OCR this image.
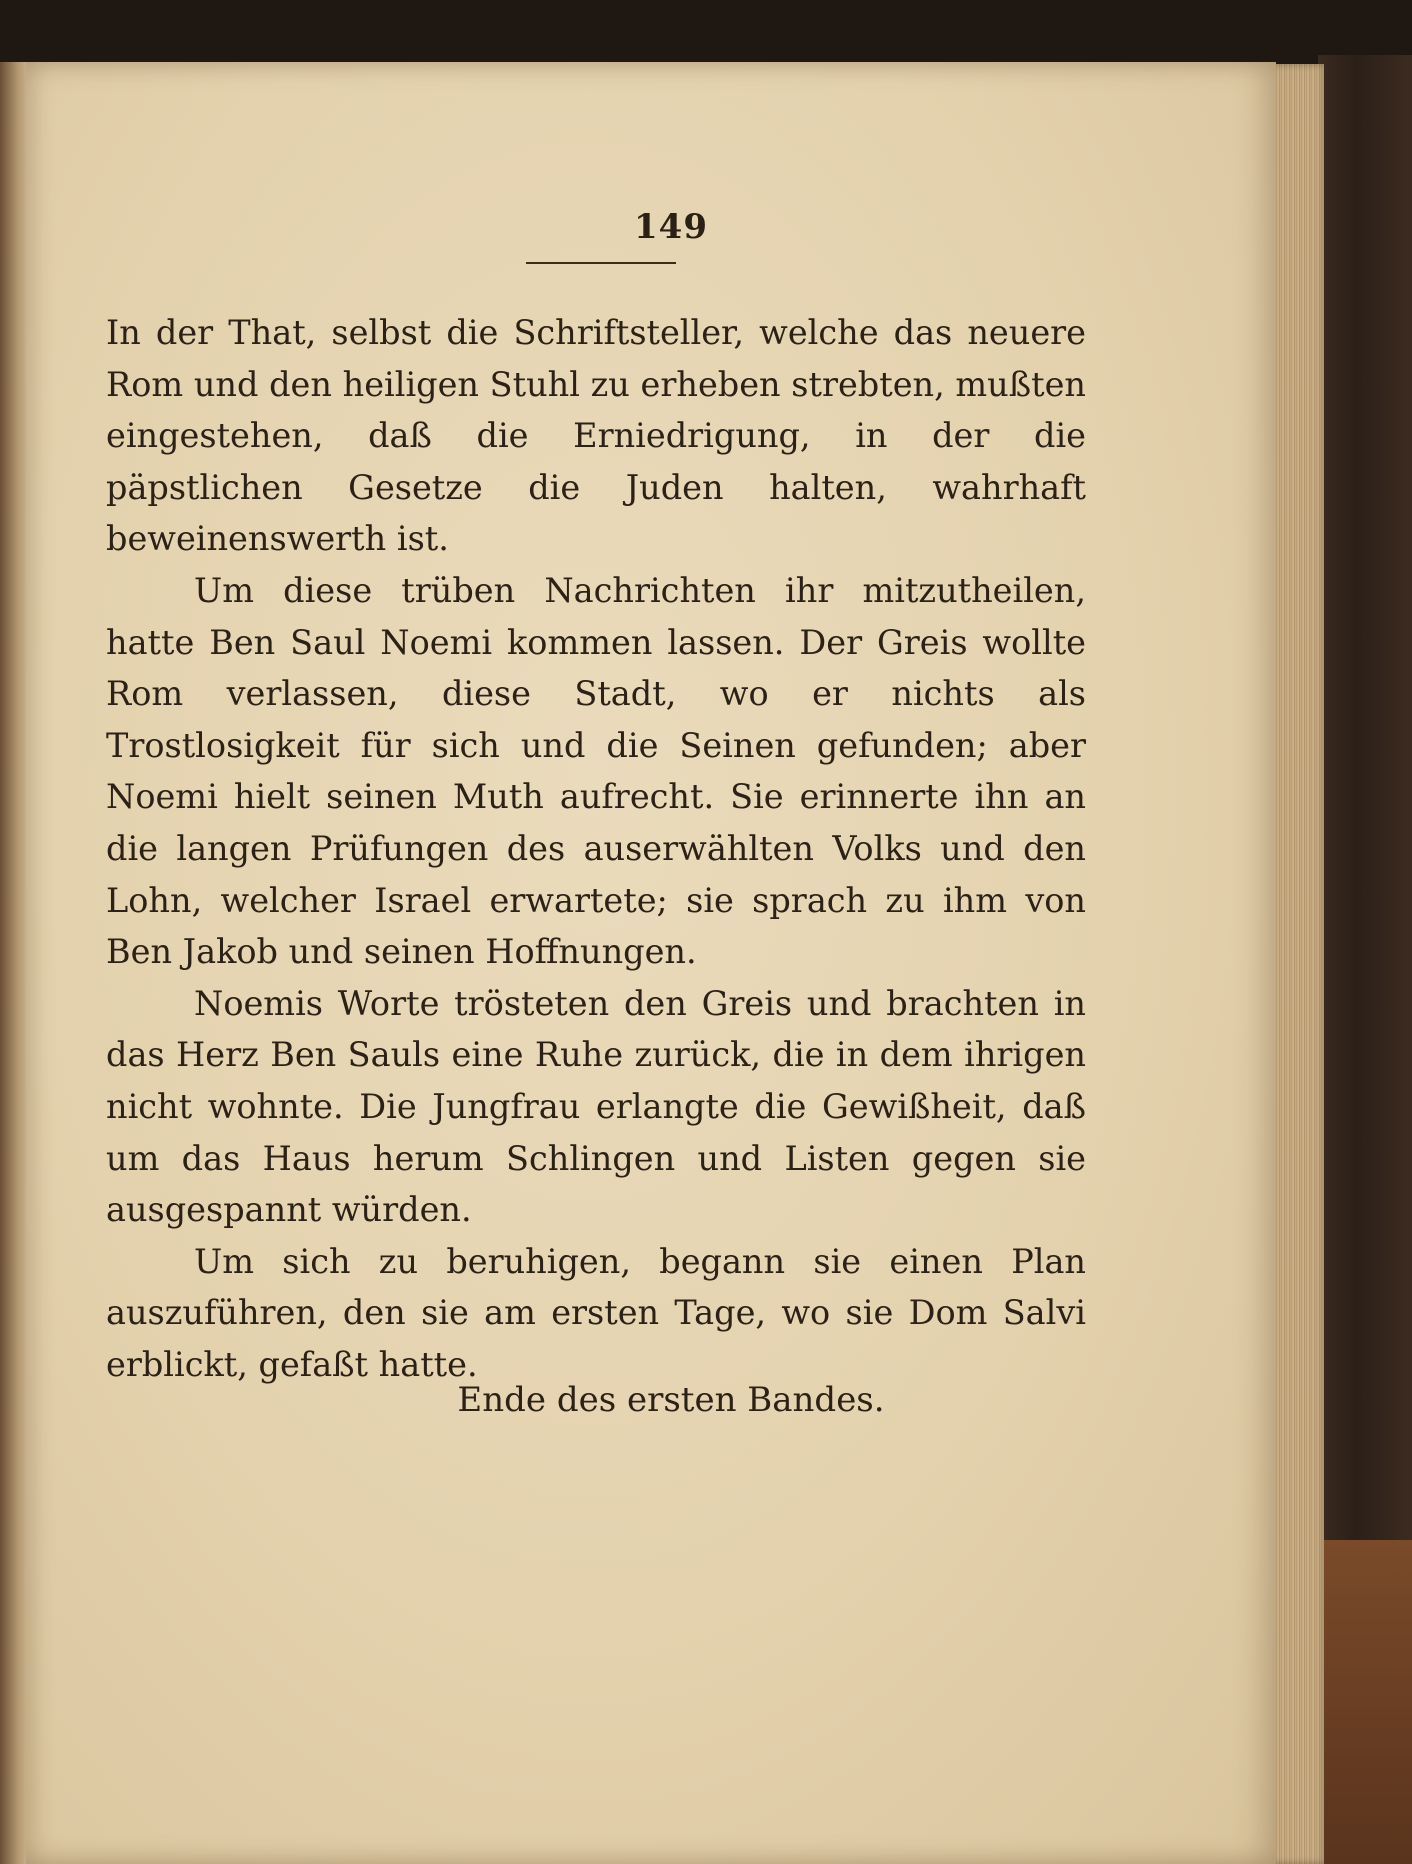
149

In der That, selbst die Schriftsteller, welche das neuere Rom und den heiligen Stuhl zu erheben strebten, mußten eingestehen, daß die Erniedrigung, in der die päpstlichen Gesetze die Juden halten, wahrhaft beweinenswerth ist.

Um diese trüben Nachrichten ihr mitzutheilen, hatte Ben Saul Noemi kommen lassen. Der Greis wollte Rom verlassen, diese Stadt, wo er nichts als Trostlosigkeit für sich und die Seinen gefunden; aber Noemi hielt seinen Muth aufrecht. Sie erinnerte ihn an die langen Prüfungen des auserwählten Volks und den Lohn, welcher Israel erwartete; sie sprach zu ihm von Ben Jakob und seinen Hoffnungen.

Noemis Worte trösteten den Greis und brachten in das Herz Ben Sauls eine Ruhe zurück, die in dem ihrigen nicht wohnte. Die Jungfrau erlangte die Gewißheit, daß um das Haus herum Schlingen und Listen gegen sie ausgespannt würden.

Um sich zu beruhigen, begann sie einen Plan auszuführen, den sie am ersten Tage, wo sie Dom Salvi erblickt, gefaßt hatte.

Ende des ersten Bandes.
